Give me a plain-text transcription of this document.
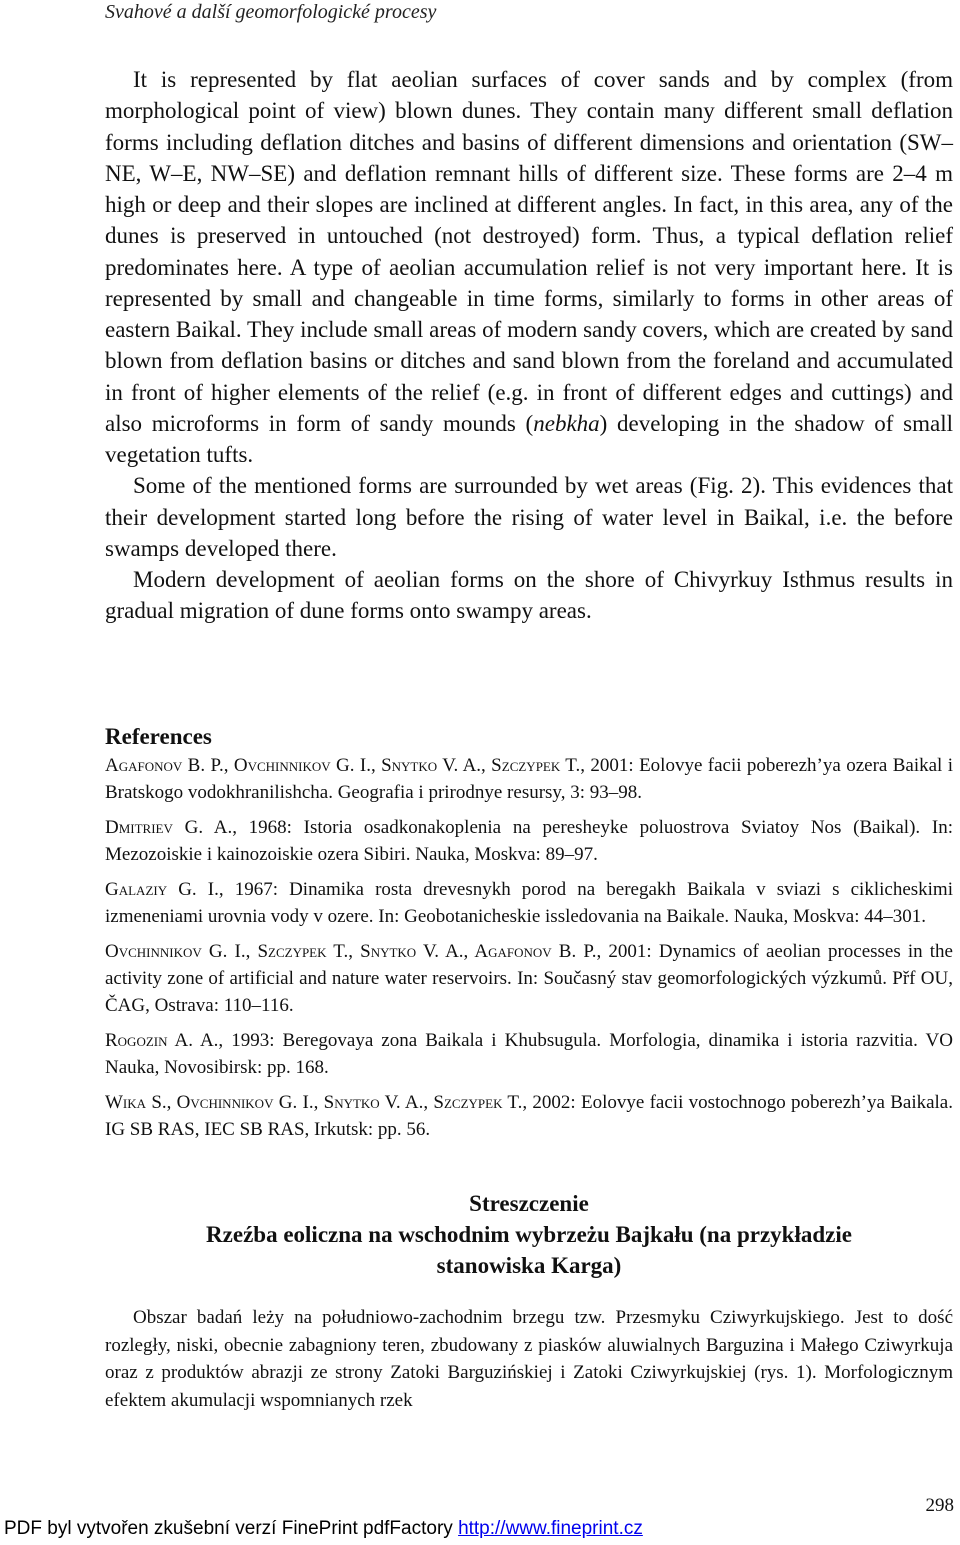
Svahové a další geomorfologické procesy

It is represented by flat aeolian surfaces of cover sands and by complex (from morphological point of view) blown dunes. They contain many different small deflation forms including deflation ditches and basins of different dimensions and orientation (SW–NE, W–E, NW–SE) and deflation remnant hills of different size. These forms are 2–4 m high or deep and their slopes are inclined at different angles. In fact, in this area, any of the dunes is preserved in untouched (not destroyed) form. Thus, a typical deflation relief predominates here. A type of aeolian accumulation relief is not very important here. It is represented by small and changeable in time forms, similarly to forms in other areas of eastern Baikal. They include small areas of modern sandy covers, which are created by sand blown from deflation basins or ditches and sand blown from the foreland and accumulated in front of higher elements of the relief (e.g. in front of different edges and cuttings) and also microforms in form of sandy mounds (nebkha) developing in the shadow of small vegetation tufts.

Some of the mentioned forms are surrounded by wet areas (Fig. 2). This evidences that their development started long before the rising of water level in Baikal, i.e. the before swamps developed there.

Modern development of aeolian forms on the shore of Chivyrkuy Isthmus results in gradual migration of dune forms onto swampy areas.

References

Agafonov B. P., Ovchinnikov G. I., Snytko V. A., Szczypek T., 2001: Eolovye facii poberezh’ya ozera Baikal i Bratskogo vodokhranilishcha. Geografia i prirodnye resursy, 3: 93–98.

Dmitriev G. A., 1968: Istoria osadkonakoplenia na peresheyke poluostrova Sviatoy Nos (Baikal). In: Mezozoiskie i kainozoiskie ozera Sibiri. Nauka, Moskva: 89–97.

Galaziy G. I., 1967: Dinamika rosta drevesnykh porod na beregakh Baikala v sviazi s ciklicheskimi izmeneniami urovnia vody v ozere. In: Geobotanicheskie issledovania na Baikale. Nauka, Moskva: 44–301.

Ovchinnikov G. I., Szczypek T., Snytko V. A., Agafonov B. P., 2001: Dynamics of aeolian processes in the activity zone of artificial and nature water reservoirs. In: Současný stav geomorfologických výzkumů. Přf OU, ČAG, Ostrava: 110–116.

Rogozin A. A., 1993: Beregovaya zona Baikala i Khubsugula. Morfologia, dinamika i istoria razvitia. VO Nauka, Novosibirsk: pp. 168.

Wika S., Ovchinnikov G. I., Snytko V. A., Szczypek T., 2002: Eolovye facii vostochnogo poberezh’ya Baikala. IG SB RAS, IEC SB RAS, Irkutsk: pp. 56.

Streszczenie
Rzeźba eoliczna na wschodnim wybrzeżu Bajkału (na przykładzie
stanowiska Karga)

Obszar badań leży na południowo-zachodnim brzegu tzw. Przesmyku Cziwyrkujskiego. Jest to dość rozległy, niski, obecnie zabagniony teren, zbudowany z piasków aluwialnych Barguzina i Małego Cziwyrkuja oraz z produktów abrazji ze strony Zatoki Barguzińskiej i Zatoki Cziwyrkujskiej (rys. 1). Morfologicznym efektem akumulacji wspomnianych rzek

298
PDF byl vytvořen zkušební verzí FinePrint pdfFactory http://www.fineprint.cz
